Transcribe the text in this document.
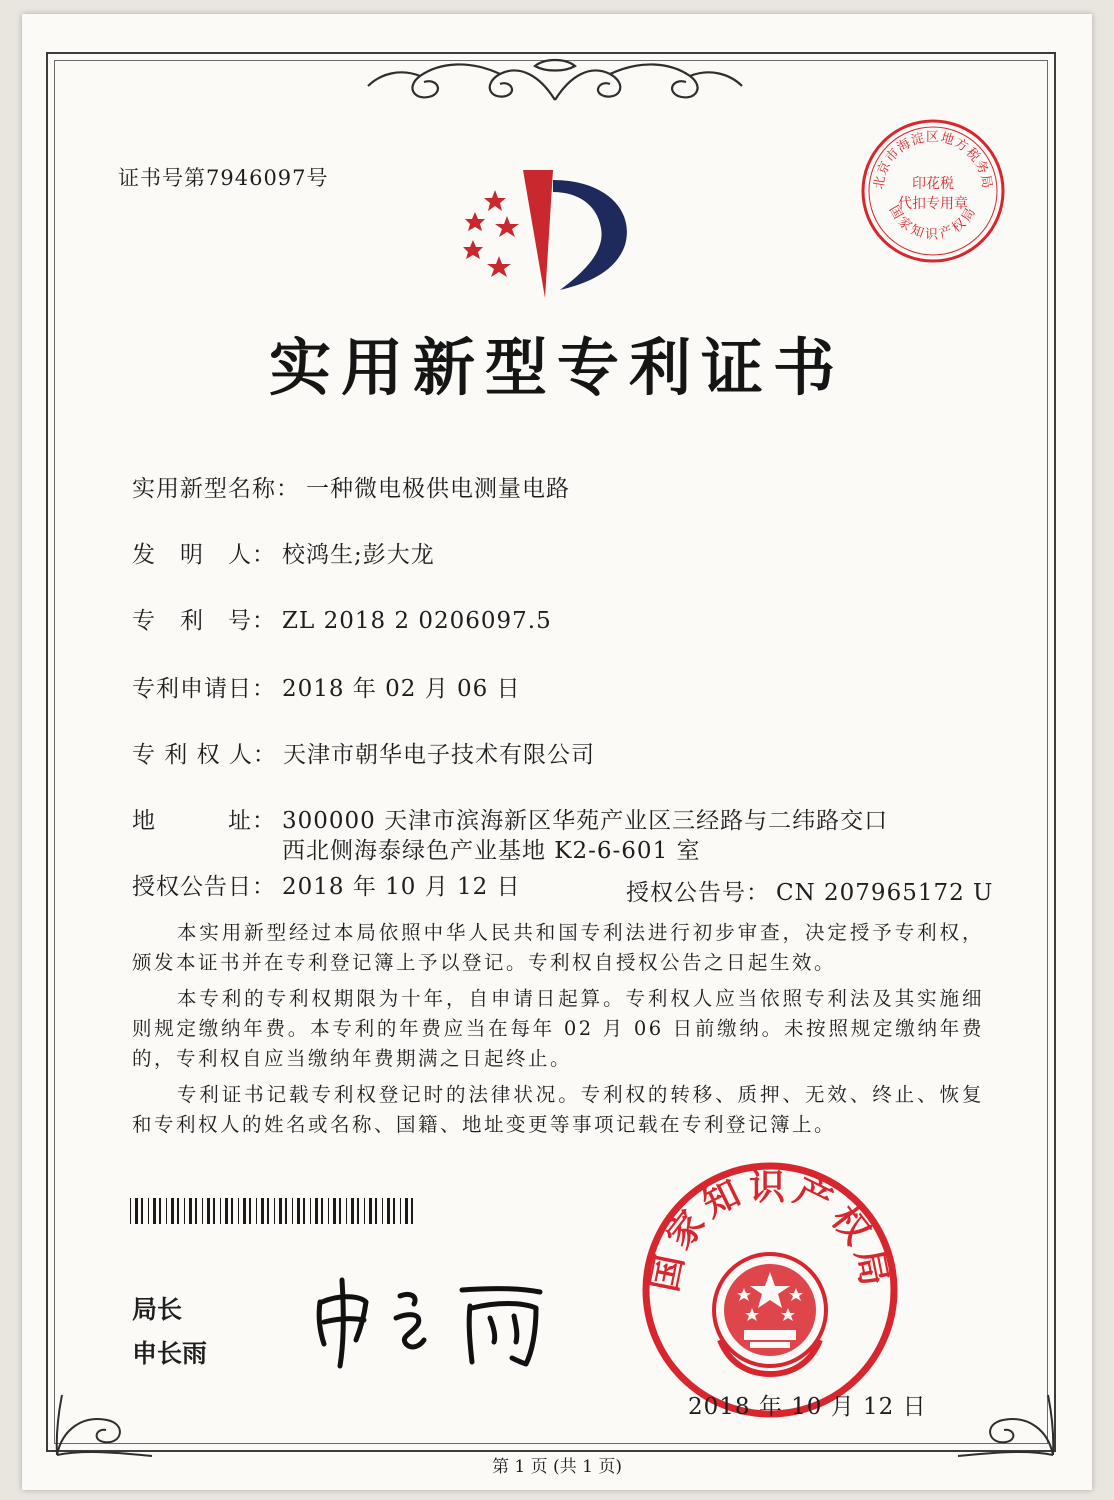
证书号第7946097号	北京市海淀区地方税务局
国家知识产权局
印花税
代扣专用章
实用新型专利证书
实用新型名称： 一种微电极供电测量电路
发　明　人： 校鸿生;彭大龙
专　利　号： ZL 2018 2 0206097.5
专利申请日： 2018 年 02 月 06 日
专 利 权 人： 天津市朝华电子技术有限公司
地　　　址： 300000 天津市滨海新区华苑产业区三经路与二纬路交口
西北侧海泰绿色产业基地 K2-6-601 室
授权公告日： 2018 年 10 月 12 日	授权公告号： CN 207965172 U
　　本实用新型经过本局依照中华人民共和国专利法进行初步审查，决定授予专利权，颁发本证书并在专利登记簿上予以登记。专利权自授权公告之日起生效。
　　本专利的专利权期限为十年，自申请日起算。专利权人应当依照专利法及其实施细则规定缴纳年费。本专利的年费应当在每年 02 月 06 日前缴纳。未按照规定缴纳年费的，专利权自应当缴纳年费期满之日起终止。
　　专利证书记载专利权登记时的法律状况。专利权的转移、质押、无效、终止、恢复和专利权人的姓名或名称、国籍、地址变更等事项记载在专利登记簿上。
局长
申长雨
国家知识产权局
2018 年 10 月 12 日
第 1 页 (共 1 页)
